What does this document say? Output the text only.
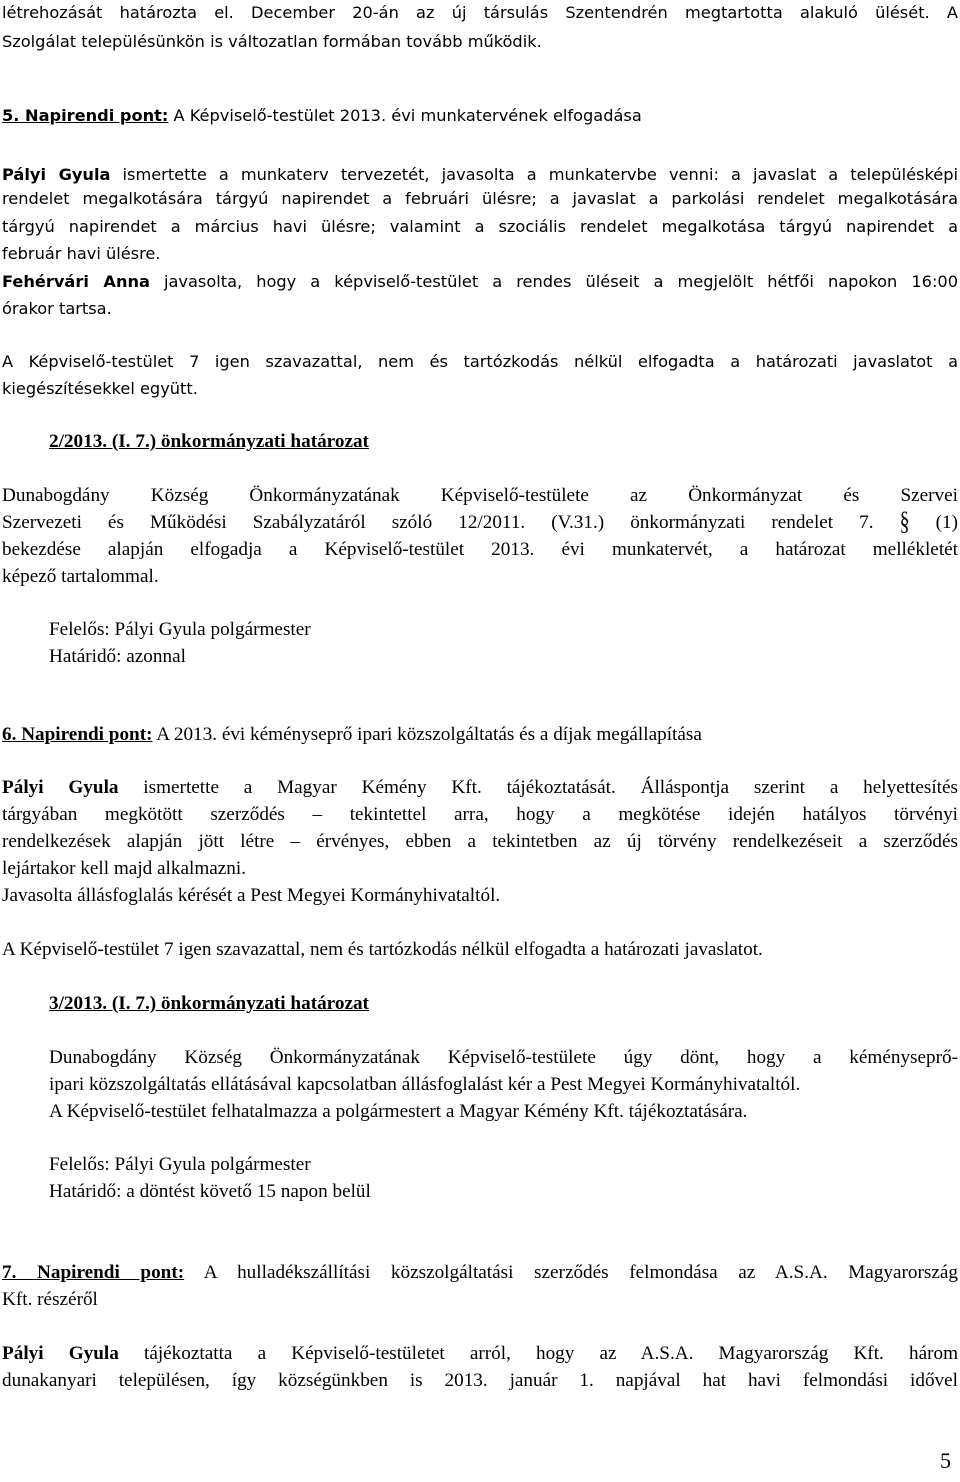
létrehozását határozta el. December 20-án az új társulás Szentendrén megtartotta alakuló ülését. A
Szolgálat településünkön is változatlan formában tovább működik.
5. Napirendi pont: A Képviselő-testület 2013. évi munkatervének elfogadása
Pályi Gyula ismertette a munkaterv tervezetét, javasolta a munkatervbe venni: a javaslat a településképi
rendelet megalkotására tárgyú napirendet a februári ülésre; a javaslat a parkolási rendelet megalkotására
tárgyú napirendet a március havi ülésre; valamint a szociális rendelet megalkotása tárgyú napirendet a
február havi ülésre.
Fehérvári Anna javasolta, hogy a képviselő-testület a rendes üléseit a megjelölt hétfői napokon 16:00
órakor tartsa.
A Képviselő-testület 7 igen szavazattal, nem és tartózkodás nélkül elfogadta a határozati javaslatot a
kiegészítésekkel együtt.
2/2013. (I. 7.) önkormányzati határozat
Dunabogdány Község Önkormányzatának Képviselő-testülete az Önkormányzat és Szervei
Szervezeti és Működési Szabályzatáról szóló 12/2011. (V.31.) önkormányzati rendelet 7. § (1)
bekezdése alapján elfogadja a Képviselő-testület 2013. évi munkatervét, a határozat mellékletét
képező tartalommal.
Felelős: Pályi Gyula polgármester
Határidő: azonnal
6. Napirendi pont: A 2013. évi kéményseprő ipari közszolgáltatás és a díjak megállapítása
Pályi Gyula ismertette a Magyar Kémény Kft. tájékoztatását. Álláspontja szerint a helyettesítés
tárgyában megkötött szerződés – tekintettel arra, hogy a megkötése idején hatályos törvényi
rendelkezések alapján jött létre – érvényes, ebben a tekintetben az új törvény rendelkezéseit a szerződés
lejártakor kell majd alkalmazni.
Javasolta állásfoglalás kérését a Pest Megyei Kormányhivataltól.
A Képviselő-testület 7 igen szavazattal, nem és tartózkodás nélkül elfogadta a határozati javaslatot.
3/2013. (I. 7.) önkormányzati határozat
Dunabogdány Község Önkormányzatának Képviselő-testülete úgy dönt, hogy a kéményseprő-
ipari közszolgáltatás ellátásával kapcsolatban állásfoglalást kér a Pest Megyei Kormányhivataltól.
A Képviselő-testület felhatalmazza a polgármestert a Magyar Kémény Kft. tájékoztatására.
Felelős: Pályi Gyula polgármester
Határidő: a döntést követő 15 napon belül
7. Napirendi pont: A hulladékszállítási közszolgáltatási szerződés felmondása az A.S.A. Magyarország
Kft. részéről
Pályi Gyula tájékoztatta a Képviselő-testületet arról, hogy az A.S.A. Magyarország Kft. három
dunakanyari településen, így községünkben is 2013. január 1. napjával hat havi felmondási idővel
5
